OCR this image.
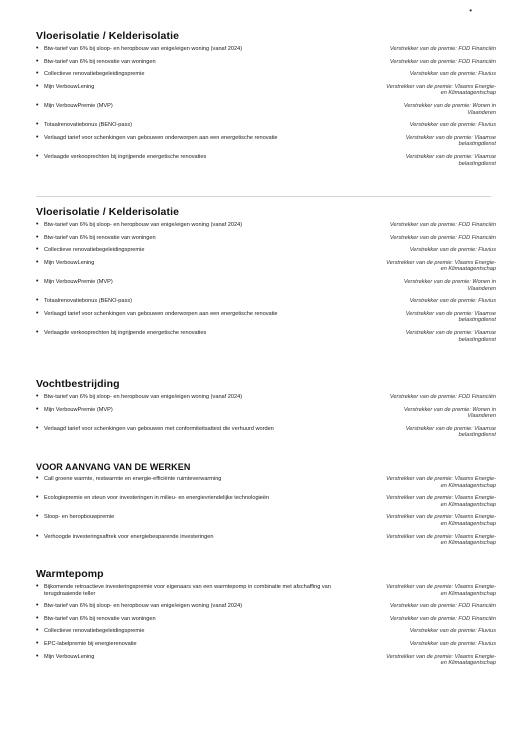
•
Vloerisolatie / Kelderisolatie
• Btw-tarief van 6% bij sloop- en heropbouw van enige/eigen woning (vanaf 2024)	Verstrekker van de premie: FOD Financiën
• Btw-tarief van 6% bij renovatie van woningen	Verstrekker van de premie: FOD Financiën
• Collectieve renovatiebegeleidingspremie	Verstrekker van de premie: Fluvius
• Mijn VerbouwLening	Verstrekker van de premie: Vlaams Energie- en Klimaatagentschap
• Mijn VerbouwPremie (MVP)	Verstrekker van de premie: Wonen in Vlaanderen
• Totaalrenovatiebonus (BENO-pass)	Verstrekker van de premie: Fluvius
• Verlaagd tarief voor schenkingen van gebouwen onderworpen aan een energetische renovatie	Verstrekker van de premie: Vlaamse belastingdienst
• Verlaagde verkooprechten bij ingrijpende energetische renovaties	Verstrekker van de premie: Vlaamse belastingdienst
Vloerisolatie / Kelderisolatie
• Btw-tarief van 6% bij sloop- en heropbouw van enige/eigen woning (vanaf 2024)	Verstrekker van de premie: FOD Financiën
• Btw-tarief van 6% bij renovatie van woningen	Verstrekker van de premie: FOD Financiën
• Collectieve renovatiebegeleidingspremie	Verstrekker van de premie: Fluvius
• Mijn VerbouwLening	Verstrekker van de premie: Vlaams Energie- en Klimaatagentschap
• Mijn VerbouwPremie (MVP)	Verstrekker van de premie: Wonen in Vlaanderen
• Totaalrenovatiebonus (BENO-pass)	Verstrekker van de premie: Fluvius
• Verlaagd tarief voor schenkingen van gebouwen onderworpen aan een energetische renovatie	Verstrekker van de premie: Vlaamse belastingdienst
• Verlaagde verkooprechten bij ingrijpende energetische renovaties	Verstrekker van de premie: Vlaamse belastingdienst
Vochtbestrijding
• Btw-tarief van 6% bij sloop- en heropbouw van enige/eigen woning (vanaf 2024)	Verstrekker van de premie: FOD Financiën
• Mijn VerbouwPremie (MVP)	Verstrekker van de premie: Wonen in Vlaanderen
• Verlaagd tarief voor schenkingen van gebouwen met conformiteitsattest die verhuurd worden	Verstrekker van de premie: Vlaamse belastingdienst
VOOR AANVANG VAN DE WERKEN
• Call groene warmte, restwarmte en energie-efficiënte ruimteverwarming	Verstrekker van de premie: Vlaams Energie- en Klimaatagentschap
• Ecologiepremie en steun voor investeringen in milieu- en energievriendelijke technologieën	Verstrekker van de premie: Vlaams Energie- en Klimaatagentschap
• Sloop- en heropbouwpremie	Verstrekker van de premie: Vlaams Energie- en Klimaatagentschap
• Verhoogde investeringsaftrek voor energiebesparende investeringen	Verstrekker van de premie: Vlaams Energie- en Klimaatagentschap
Warmtepomp
• Bijkomende retroactieve investeringspremie voor eigenaars van een warmtepomp in combinatie met afschaffing van terugdraaiende teller
Verstrekker van de premie: Vlaams Energie- en Klimaatagentschap
• Btw-tarief van 6% bij sloop- en heropbouw van enige/eigen woning (vanaf 2024)	Verstrekker van de premie: FOD Financiën
• Btw-tarief van 6% bij renovatie van woningen	Verstrekker van de premie: FOD Financiën
• Collectieve renovatiebegeleidingspremie	Verstrekker van de premie: Fluvius
• EPC-labelpremie bij energierenovatie	Verstrekker van de premie: Fluvius
• Mijn VerbouwLening	Verstrekker van de premie: Vlaams Energie- en Klimaatagentschap
